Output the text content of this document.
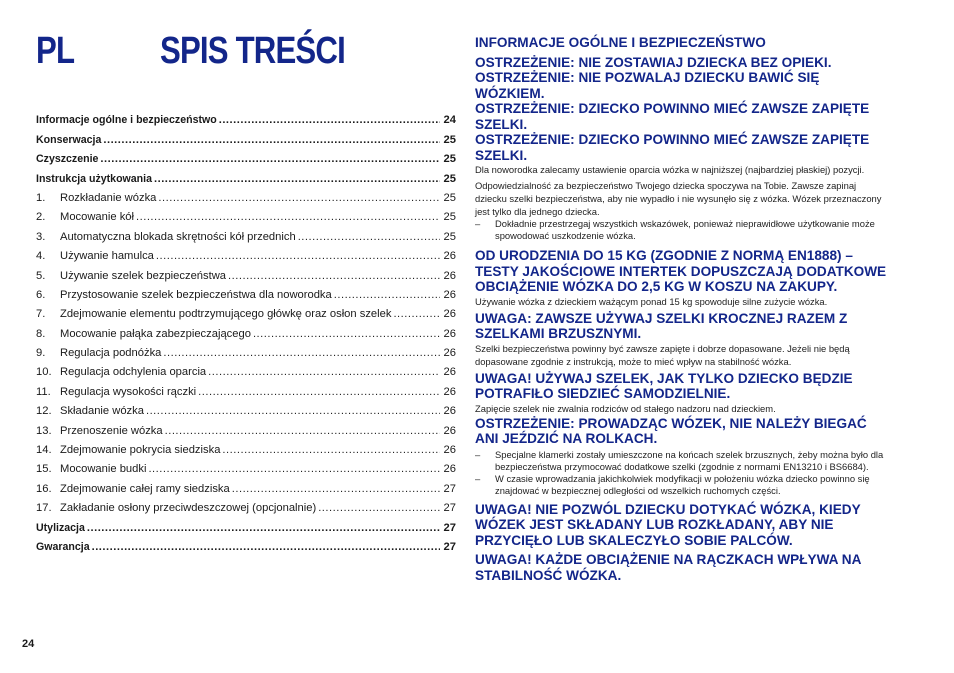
PL SPIS TREŚCI
Informacje ogólne i bezpieczeństwo .....	24
Konserwacja .....	25
Czyszczenie .....	25
Instrukcja użytkowania .....	25
1.	Rozkładanie wózka .....	25
2.	Mocowanie kół .....	25
3.	Automatyczna blokada skrętności kół przednich .....	25
4.	Używanie hamulca .....	26
5.	Używanie szelek bezpieczeństwa .....	26
6.	Przystosowanie szelek bezpieczeństwa dla noworodka .....	26
7.	Zdejmowanie elementu podtrzymującego główkę oraz osłon szelek .....	26
8.	Mocowanie pałąka zabezpieczającego .....	26
9.	Regulacja podnóżka .....	26
10. Regulacja odchylenia oparcia .....	26
11. Regulacja wysokości rączki .....	26
12. Składanie wózka .....	26
13. Przenoszenie wózka .....	26
14. Zdejmowanie pokrycia siedziska .....	26
15. Mocowanie budki .....	26
16. Zdejmowanie całej ramy siedziska .....	27
17. Zakładanie osłony przeciwdeszczowej (opcjonalnie) .....	27
Utylizacja .....	27
Gwarancja .....	27
24

INFORMACJE OGÓLNE I BEZPIECZEŃSTWO

OSTRZEŻENIE: NIE ZOSTAWIAJ DZIECKA BEZ OPIEKI.

OSTRZEŻENIE: NIE POZWALAJ DZIECKU BAWIĆ SIĘ WÓZKIEM.

OSTRZEŻENIE: DZIECKO POWINNO MIEĆ ZAWSZE ZAPIĘTE SZELKI.

OSTRZEŻENIE: DZIECKO POWINNO MIEĆ ZAWSZE ZAPIĘTE SZELKI.

Dla noworodka zalecamy ustawienie oparcia wózka w najniższej (najbardziej płaskiej) pozycji.

Odpowiedzialność za bezpieczeństwo Twojego dziecka spoczywa na Tobie. Zawsze zapinaj dziecku szelki bezpieczeństwa, aby nie wypadło i nie wysunęło się z wózka. Wózek przeznaczony jest tylko dla jednego dziecka.

–	Dokładnie przestrzegaj wszystkich wskazówek, ponieważ nieprawidłowe użytkowanie może spowodować uszkodzenie wózka.

OD URODZENIA DO 15 KG (ZGODNIE Z NORMĄ EN1888) – TESTY JAKOŚCIOWE INTERTEK DOPUSZCZAJĄ DODATKOWE OBCIĄŻENIE WÓZKA DO 2,5 KG W KOSZU NA ZAKUPY.

Używanie wózka z dzieckiem ważącym ponad 15 kg spowoduje silne zużycie wózka.

UWAGA: ZAWSZE UŻYWAJ SZELKI KROCZNEJ RAZEM Z SZELKAMI BRZUSZNYMI.

Szelki bezpieczeństwa powinny być zawsze zapięte i dobrze dopasowane. Jeżeli nie będą dopasowane zgodnie z instrukcją, może to mieć wpływ na stabilność wózka.

UWAGA! UŻYWAJ SZELEK, JAK TYLKO DZIECKO BĘDZIE POTRAFIŁO SIEDZIEĆ SAMODZIELNIE.

Zapięcie szelek nie zwalnia rodziców od stałego nadzoru nad dzieckiem.

OSTRZEŻENIE: PROWADZĄC WÓZEK, NIE NALEŻY BIEGAĆ ANI JEŹDZIĆ NA ROLKACH.

–	Specjalne klamerki zostały umieszczone na końcach szelek brzusznych, żeby można było dla bezpieczeństwa przymocować dodatkowe szelki (zgodnie z normami EN13210 i BS6684).
–	W czasie wprowadzania jakichkolwiek modyfikacji w położeniu wózka dziecko powinno się znajdować w bezpiecznej odległości od wszelkich ruchomych części.

UWAGA! NIE POZWÓL DZIECKU DOTYKAĆ WÓZKA, KIEDY WÓZEK JEST SKŁADANY LUB ROZKŁADANY, ABY NIE PRZYCIĘŁO LUB SKALECZYŁO SOBIE PALCÓW.

UWAGA! KAŻDE OBCIĄŻENIE NA RĄCZKACH WPŁYWA NA STABILNOŚĆ WÓZKA.
